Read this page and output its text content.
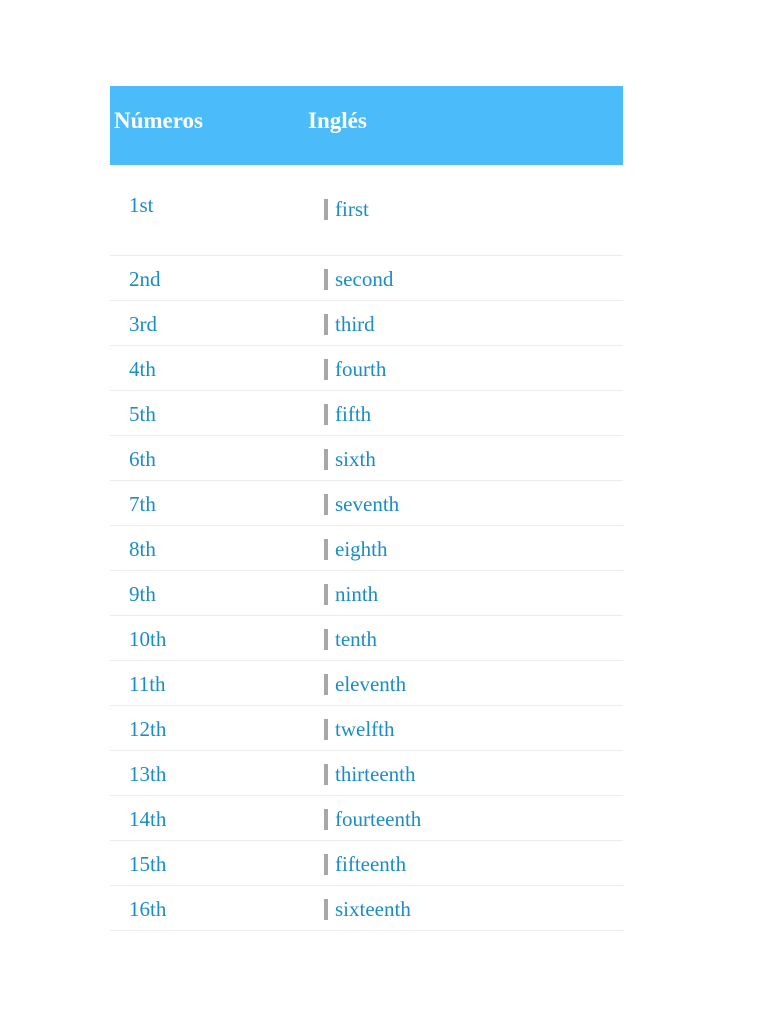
Números	Inglés
1st	first
2nd	second
3rd	third
4th	fourth
5th	fifth
6th	sixth
7th	seventh
8th	eighth
9th	ninth
10th	tenth
11th	eleventh
12th	twelfth
13th	thirteenth
14th	fourteenth
15th	fifteenth
16th	sixteenth
